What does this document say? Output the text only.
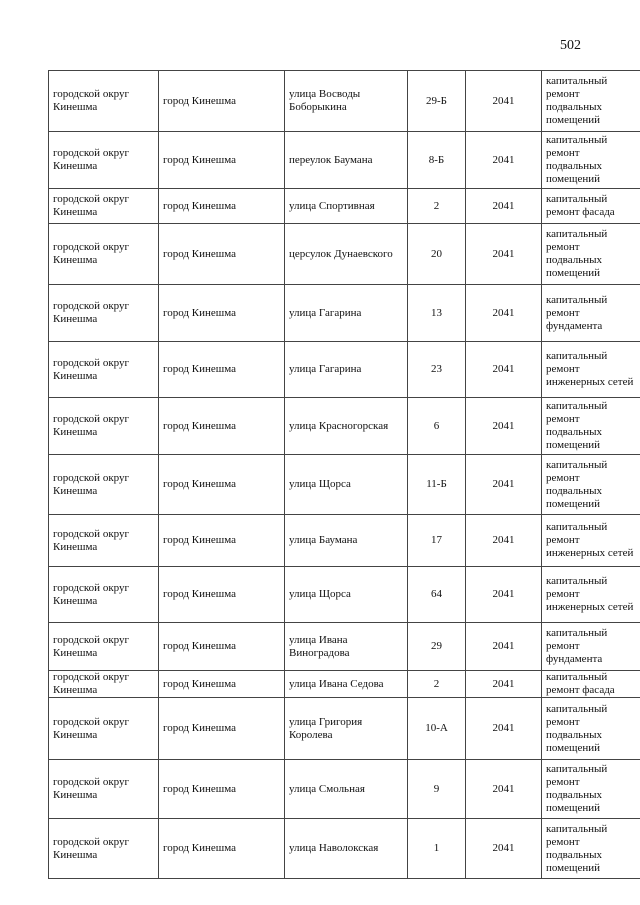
502
городской округ Кинешма	город Кинешма	улица Восводы Боборыкина	29-Б	2041	капитальный ремонт подвальных помещений
городской округ Кинешма	город Кинешма	переулок Баумана	8-Б	2041	капитальный ремонт подвальных помещений
городской округ Кинешма	город Кинешма	улица Спортивная	2	2041	капитальный ремонт фасада
городской округ Кинешма	город Кинешма	церсулок Дунаевского	20	2041	капитальный ремонт подвальных помещений
городской округ Кинешма	город Кинешма	улица Гагарина	13	2041	капитальный ремонт фундамента
городской округ Кинешма	город Кинешма	улица Гагарина	23	2041	капитальный ремонт инженерных сетей
городской округ Кинешма	город Кинешма	улица Красногорская	6	2041	капитальный ремонт подвальных помещений
городской округ Кинешма	город Кинешма	улица Щорса	11-Б	2041	капитальный ремонт подвальных помещений
городской округ Кинешма	город Кинешма	улица Баумана	17	2041	капитальный ремонт инженерных сетей
городской округ Кинешма	город Кинешма	улица Щорса	64	2041	капитальный ремонт инженерных сетей
городской округ Кинешма	город Кинешма	улица Ивана Виноградова	29	2041	капитальный ремонт фундамента
городской округ Кинешма	город Кинешма	улица Ивана Седова	2	2041	капитальный ремонт фасада
городской округ Кинешма	город Кинешма	улица Григория Королева	10-А	2041	капитальный ремонт подвальных помещений
городской округ Кинешма	город Кинешма	улица Смольная	9	2041	капитальный ремонт подвальных помещений
городской округ Кинешма	город Кинешма	улица Наволокская	1	2041	капитальный ремонт подвальных помещений
